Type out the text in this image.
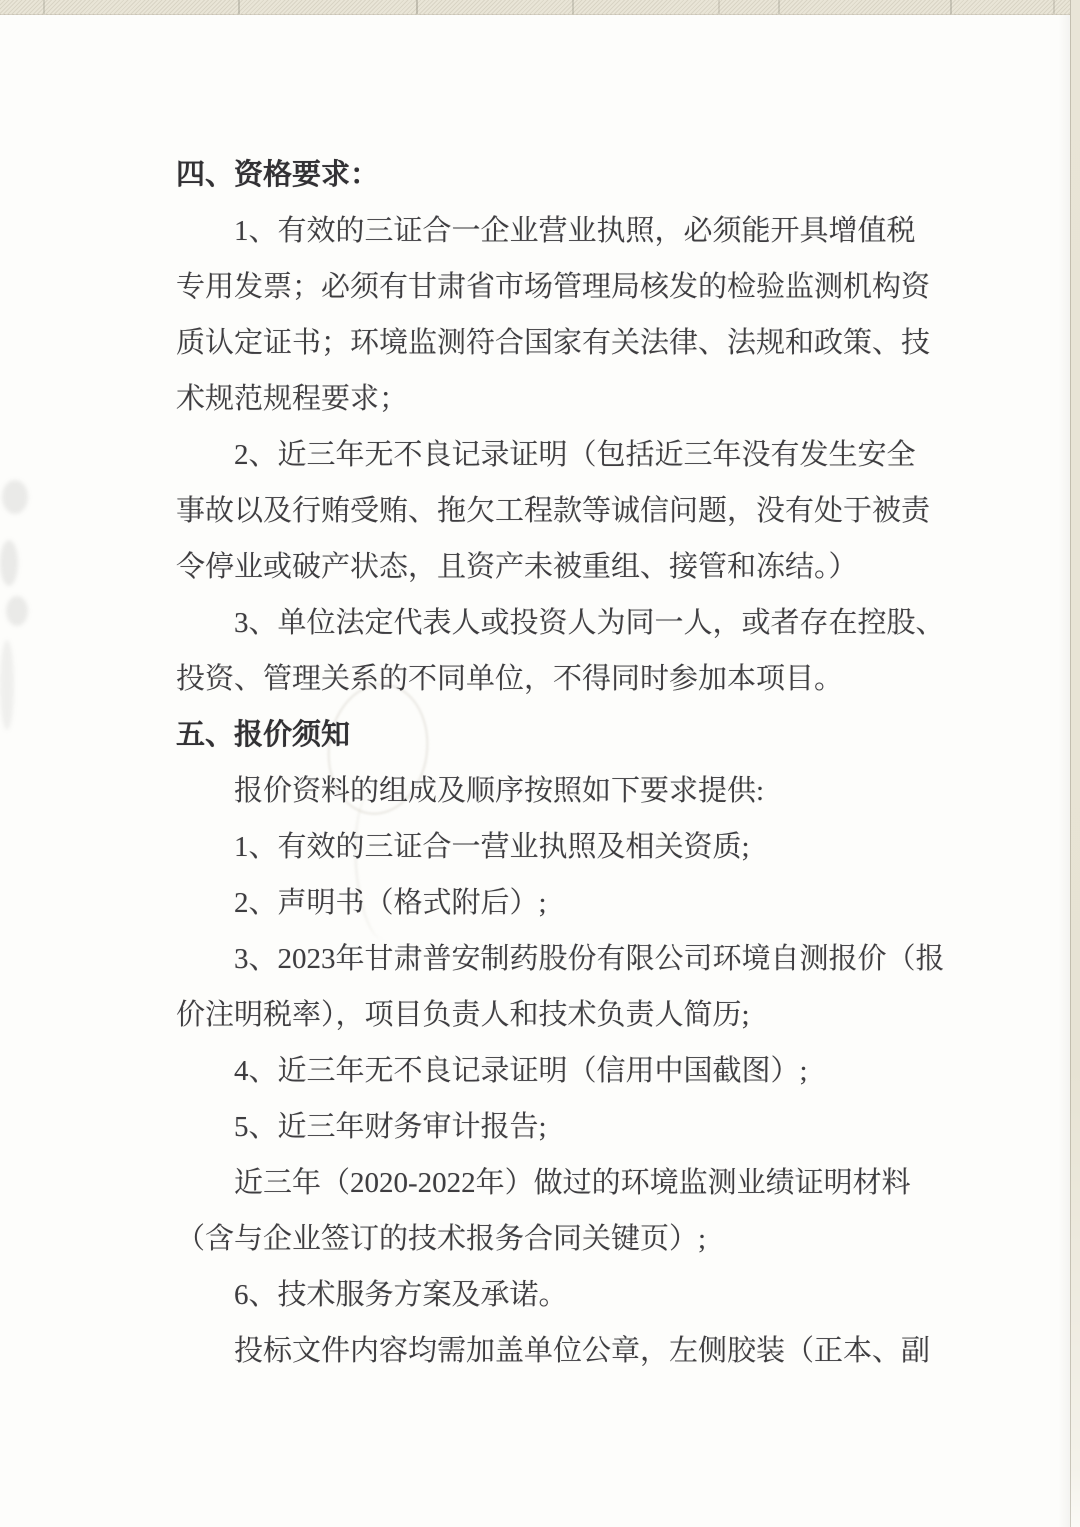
四、资格要求：
1、有效的三证合一企业营业执照，必须能开具增值税
专用发票；必须有甘肃省市场管理局核发的检验监测机构资
质认定证书；环境监测符合国家有关法律、法规和政策、技
术规范规程要求；
2、近三年无不良记录证明（包括近三年没有发生安全
事故以及行贿受贿、拖欠工程款等诚信问题，没有处于被责
令停业或破产状态，且资产未被重组、接管和冻结。）
3、单位法定代表人或投资人为同一人，或者存在控股、
投资、管理关系的不同单位，不得同时参加本项目。
五、报价须知
报价资料的组成及顺序按照如下要求提供:
1、有效的三证合一营业执照及相关资质;
2、声明书（格式附后）;
3、2023年甘肃普安制药股份有限公司环境自测报价（报
价注明税率），项目负责人和技术负责人简历;
4、近三年无不良记录证明（信用中国截图）;
5、近三年财务审计报告;
近三年（2020-2022年）做过的环境监测业绩证明材料
（含与企业签订的技术报务合同关键页）;
6、技术服务方案及承诺。
投标文件内容均需加盖单位公章，左侧胶装（正本、副
